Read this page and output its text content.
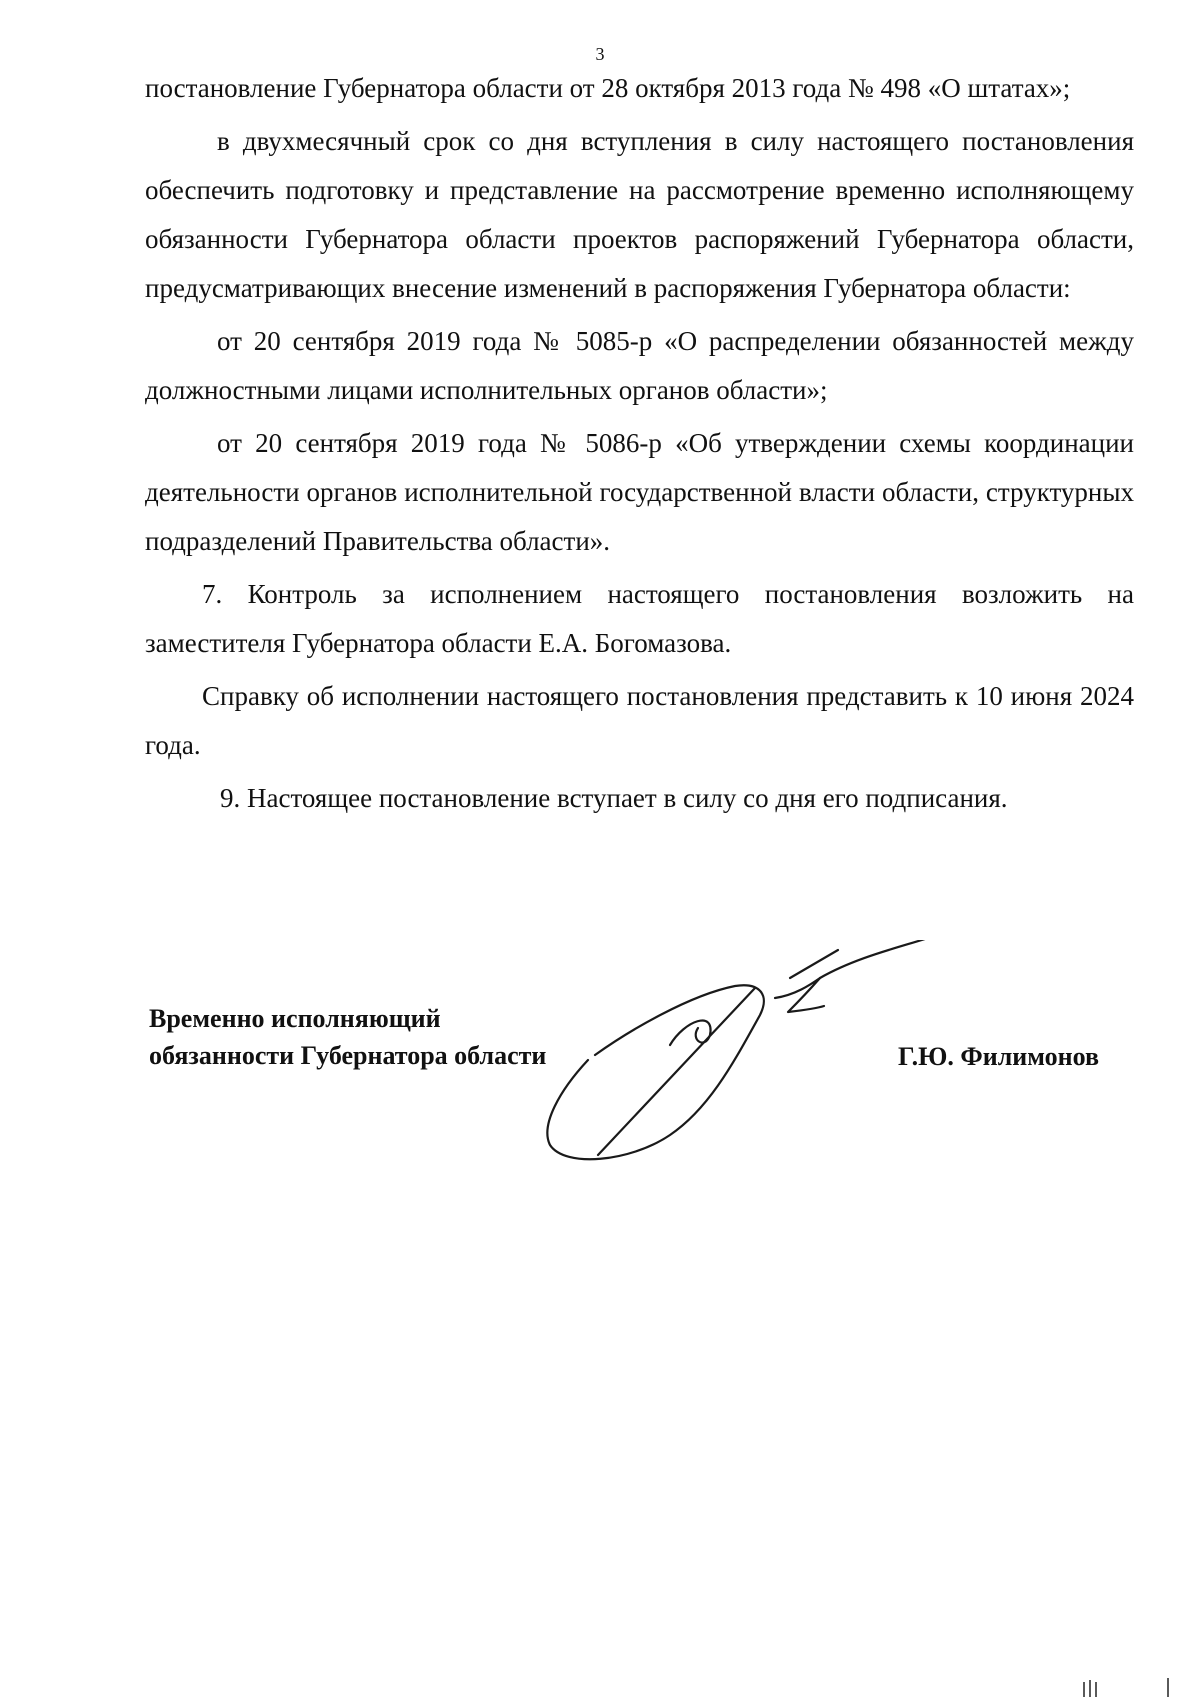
3

постановление Губернатора области от 28 октября 2013 года № 498 «О штатах»;

в двухмесячный срок со дня вступления в силу настоящего постановления обеспечить подготовку и представление на рассмотрение временно исполняющему обязанности Губернатора области проектов распоряжений Губернатора области, предусматривающих внесение изменений в распоряжения Губернатора области:

от 20 сентября 2019 года № 5085-р «О распределении обязанностей между должностными лицами исполнительных органов области»;

от 20 сентября 2019 года № 5086-р «Об утверждении схемы координации деятельности органов исполнительной государственной власти области, структурных подразделений Правительства области».

7. Контроль за исполнением настоящего постановления возложить на заместителя Губернатора области Е.А. Богомазова.

Справку об исполнении настоящего постановления представить к 10 июня 2024 года.

9. Настоящее постановление вступает в силу со дня его подписания.

Временно исполняющий
обязанности Губернатора области	Г.Ю. Филимонов
